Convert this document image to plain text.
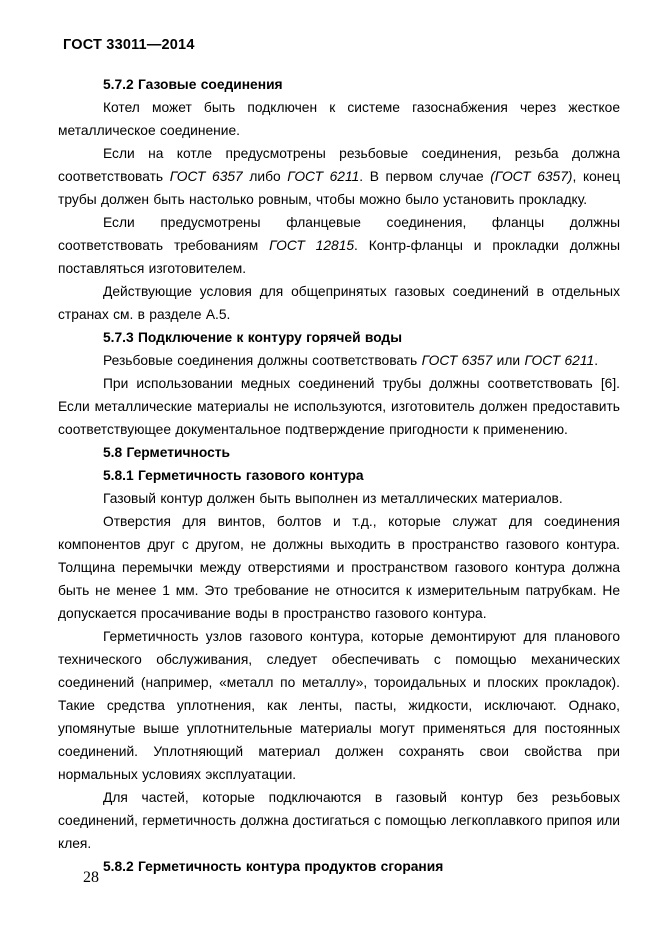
ГОСТ 33011—2014

5.7.2 Газовые соединения

Котел может быть подключен к системе газоснабжения через жесткое металлическое соединение.

Если на котле предусмотрены резьбовые соединения, резьба должна соответствовать ГОСТ 6357 либо ГОСТ 6211. В первом случае (ГОСТ 6357), конец трубы должен быть настолько ровным, чтобы можно было установить прокладку.

Если предусмотрены фланцевые соединения, фланцы должны соответствовать требованиям ГОСТ 12815. Контр-фланцы и прокладки должны поставляться изготовителем.

Действующие условия для общепринятых газовых соединений в отдельных странах см. в разделе А.5.

5.7.3 Подключение к контуру горячей воды

Резьбовые соединения должны соответствовать ГОСТ 6357 или ГОСТ 6211.

При использовании медных соединений трубы должны соответствовать [6]. Если металлические материалы не используются, изготовитель должен предоставить соответствующее документальное подтверждение пригодности к применению.

5.8 Герметичность

5.8.1 Герметичность газового контура

Газовый контур должен быть выполнен из металлических материалов.

Отверстия для винтов, болтов и т.д., которые служат для соединения компонентов друг с другом, не должны выходить в пространство газового контура. Толщина перемычки между отверстиями и пространством газового контура должна быть не менее 1 мм. Это требование не относится к измерительным патрубкам. Не допускается просачивание воды в пространство газового контура.

Герметичность узлов газового контура, которые демонтируют для планового технического обслуживания, следует обеспечивать с помощью механических соединений (например, «металл по металлу», тороидальных и плоских прокладок). Такие средства уплотнения, как ленты, пасты, жидкости, исключают. Однако, упомянутые выше уплотнительные материалы могут применяться для постоянных соединений. Уплотняющий материал должен сохранять свои свойства при нормальных условиях эксплуатации.

Для частей, которые подключаются в газовый контур без резьбовых соединений, герметичность должна достигаться с помощью легкоплавкого припоя или клея.

5.8.2 Герметичность контура продуктов сгорания

28
